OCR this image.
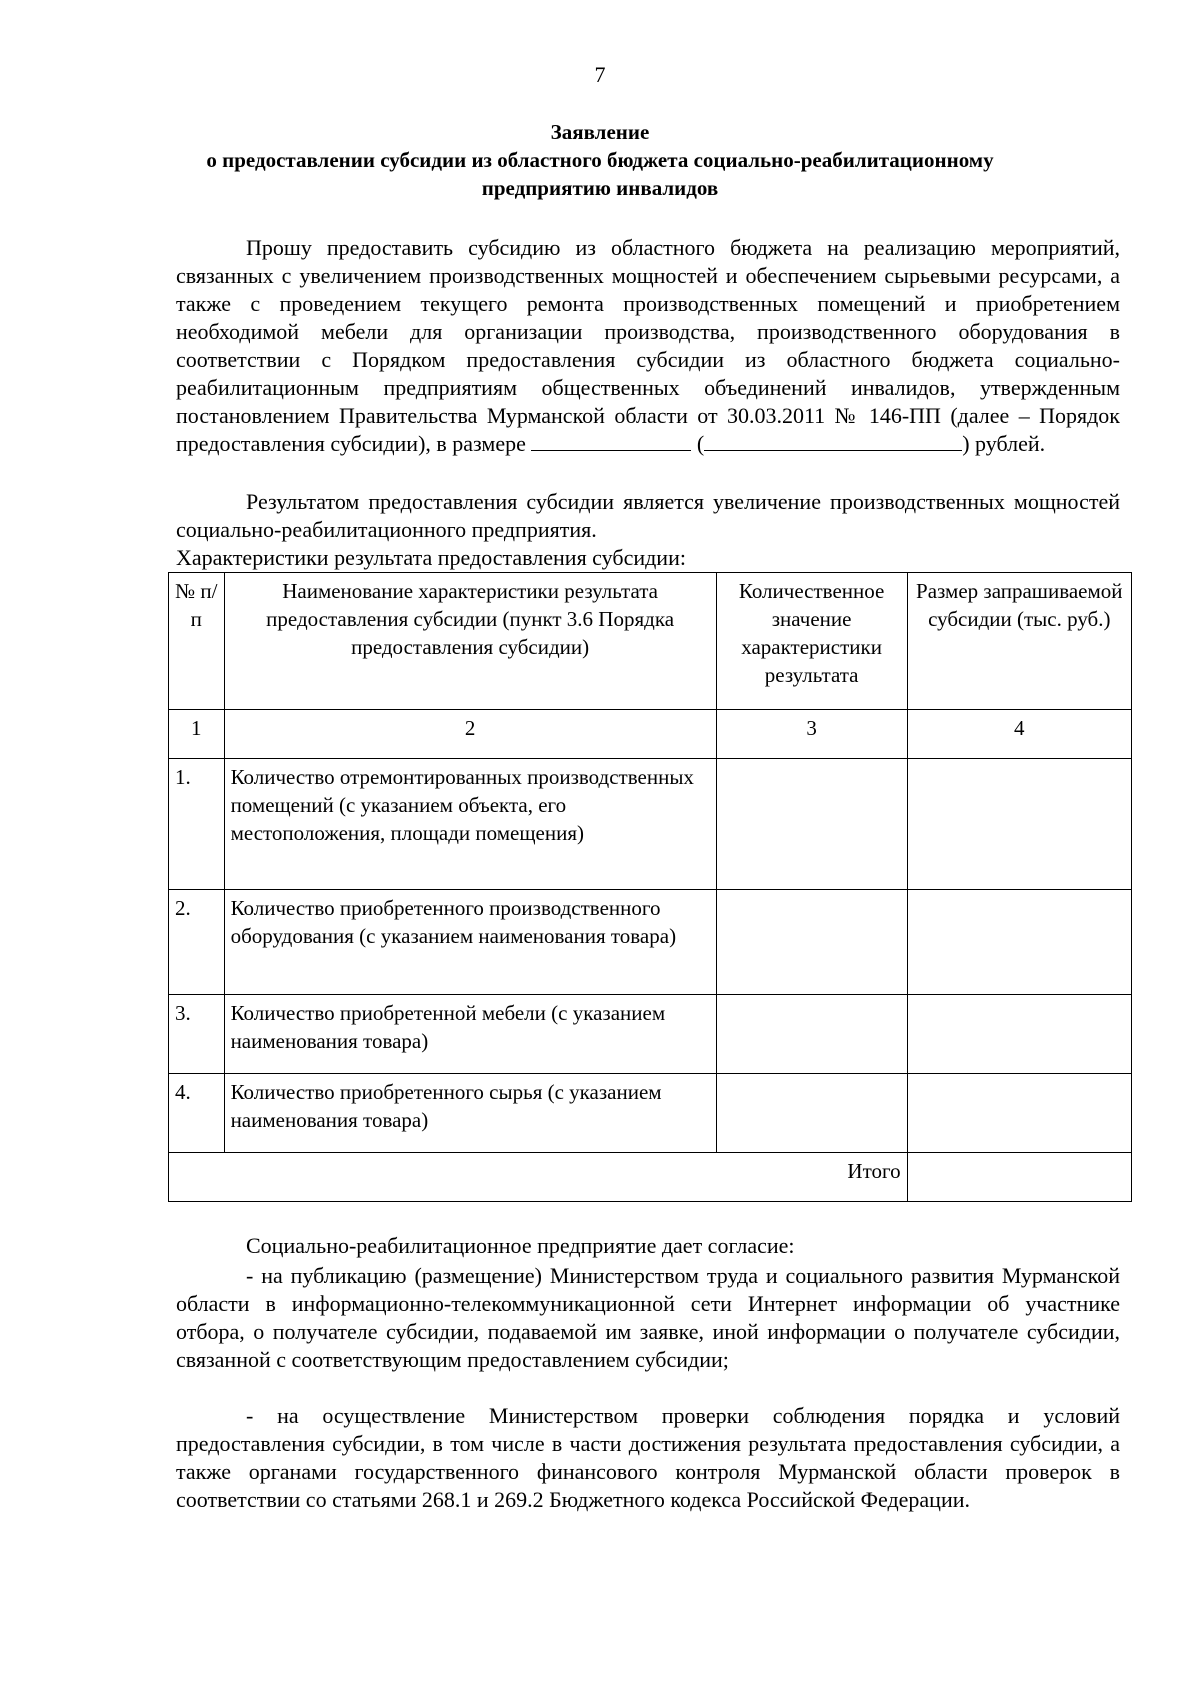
7
Заявление
о предоставлении субсидии из областного бюджета социально-реабилитационному
предприятию инвалидов
Прошу предоставить субсидию из областного бюджета на реализацию мероприятий, связанных с увеличением производственных мощностей и обеспечением сырьевыми ресурсами, а также с проведением текущего ремонта производственных помещений и приобретением необходимой мебели для организации производства, производственного оборудования в соответствии с Порядком предоставления субсидии из областного бюджета социально-реабилитационным предприятиям общественных объединений инвалидов, утвержденным постановлением Правительства Мурманской области от 30.03.2011 № 146-ПП (далее – Порядок предоставления субсидии), в размере	(	) рублей.
Результатом предоставления субсидии является увеличение производственных мощностей социально-реабилитационного предприятия.
Характеристики результата предоставления субсидии:
№ п/п	Наименование характеристики результата предоставления субсидии (пункт 3.6 Порядка предоставления субсидии)	Количественное значение характеристики результата	Размер запрашиваемой субсидии (тыс. руб.)
1	2	3	4
1.	Количество отремонтированных производственных помещений (с указанием объекта, его местоположения, площади помещения)		
2.	Количество приобретенного производственного оборудования (с указанием наименования товара)		
3.	Количество приобретенной мебели (с указанием наименования товара)		
4.	Количество приобретенного сырья (с указанием наименования товара)		
Итого			
Социально-реабилитационное предприятие дает согласие:
- на публикацию (размещение) Министерством труда и социального развития Мурманской области в информационно-телекоммуникационной сети Интернет информации об участнике отбора, о получателе субсидии, подаваемой им заявке, иной информации о получателе субсидии, связанной с соответствующим предоставлением субсидии;
- на осуществление Министерством проверки соблюдения порядка и условий предоставления субсидии, в том числе в части достижения результата предоставления субсидии, а также органами государственного финансового контроля Мурманской области проверок в соответствии со статьями 268.1 и 269.2 Бюджетного кодекса Российской Федерации.
